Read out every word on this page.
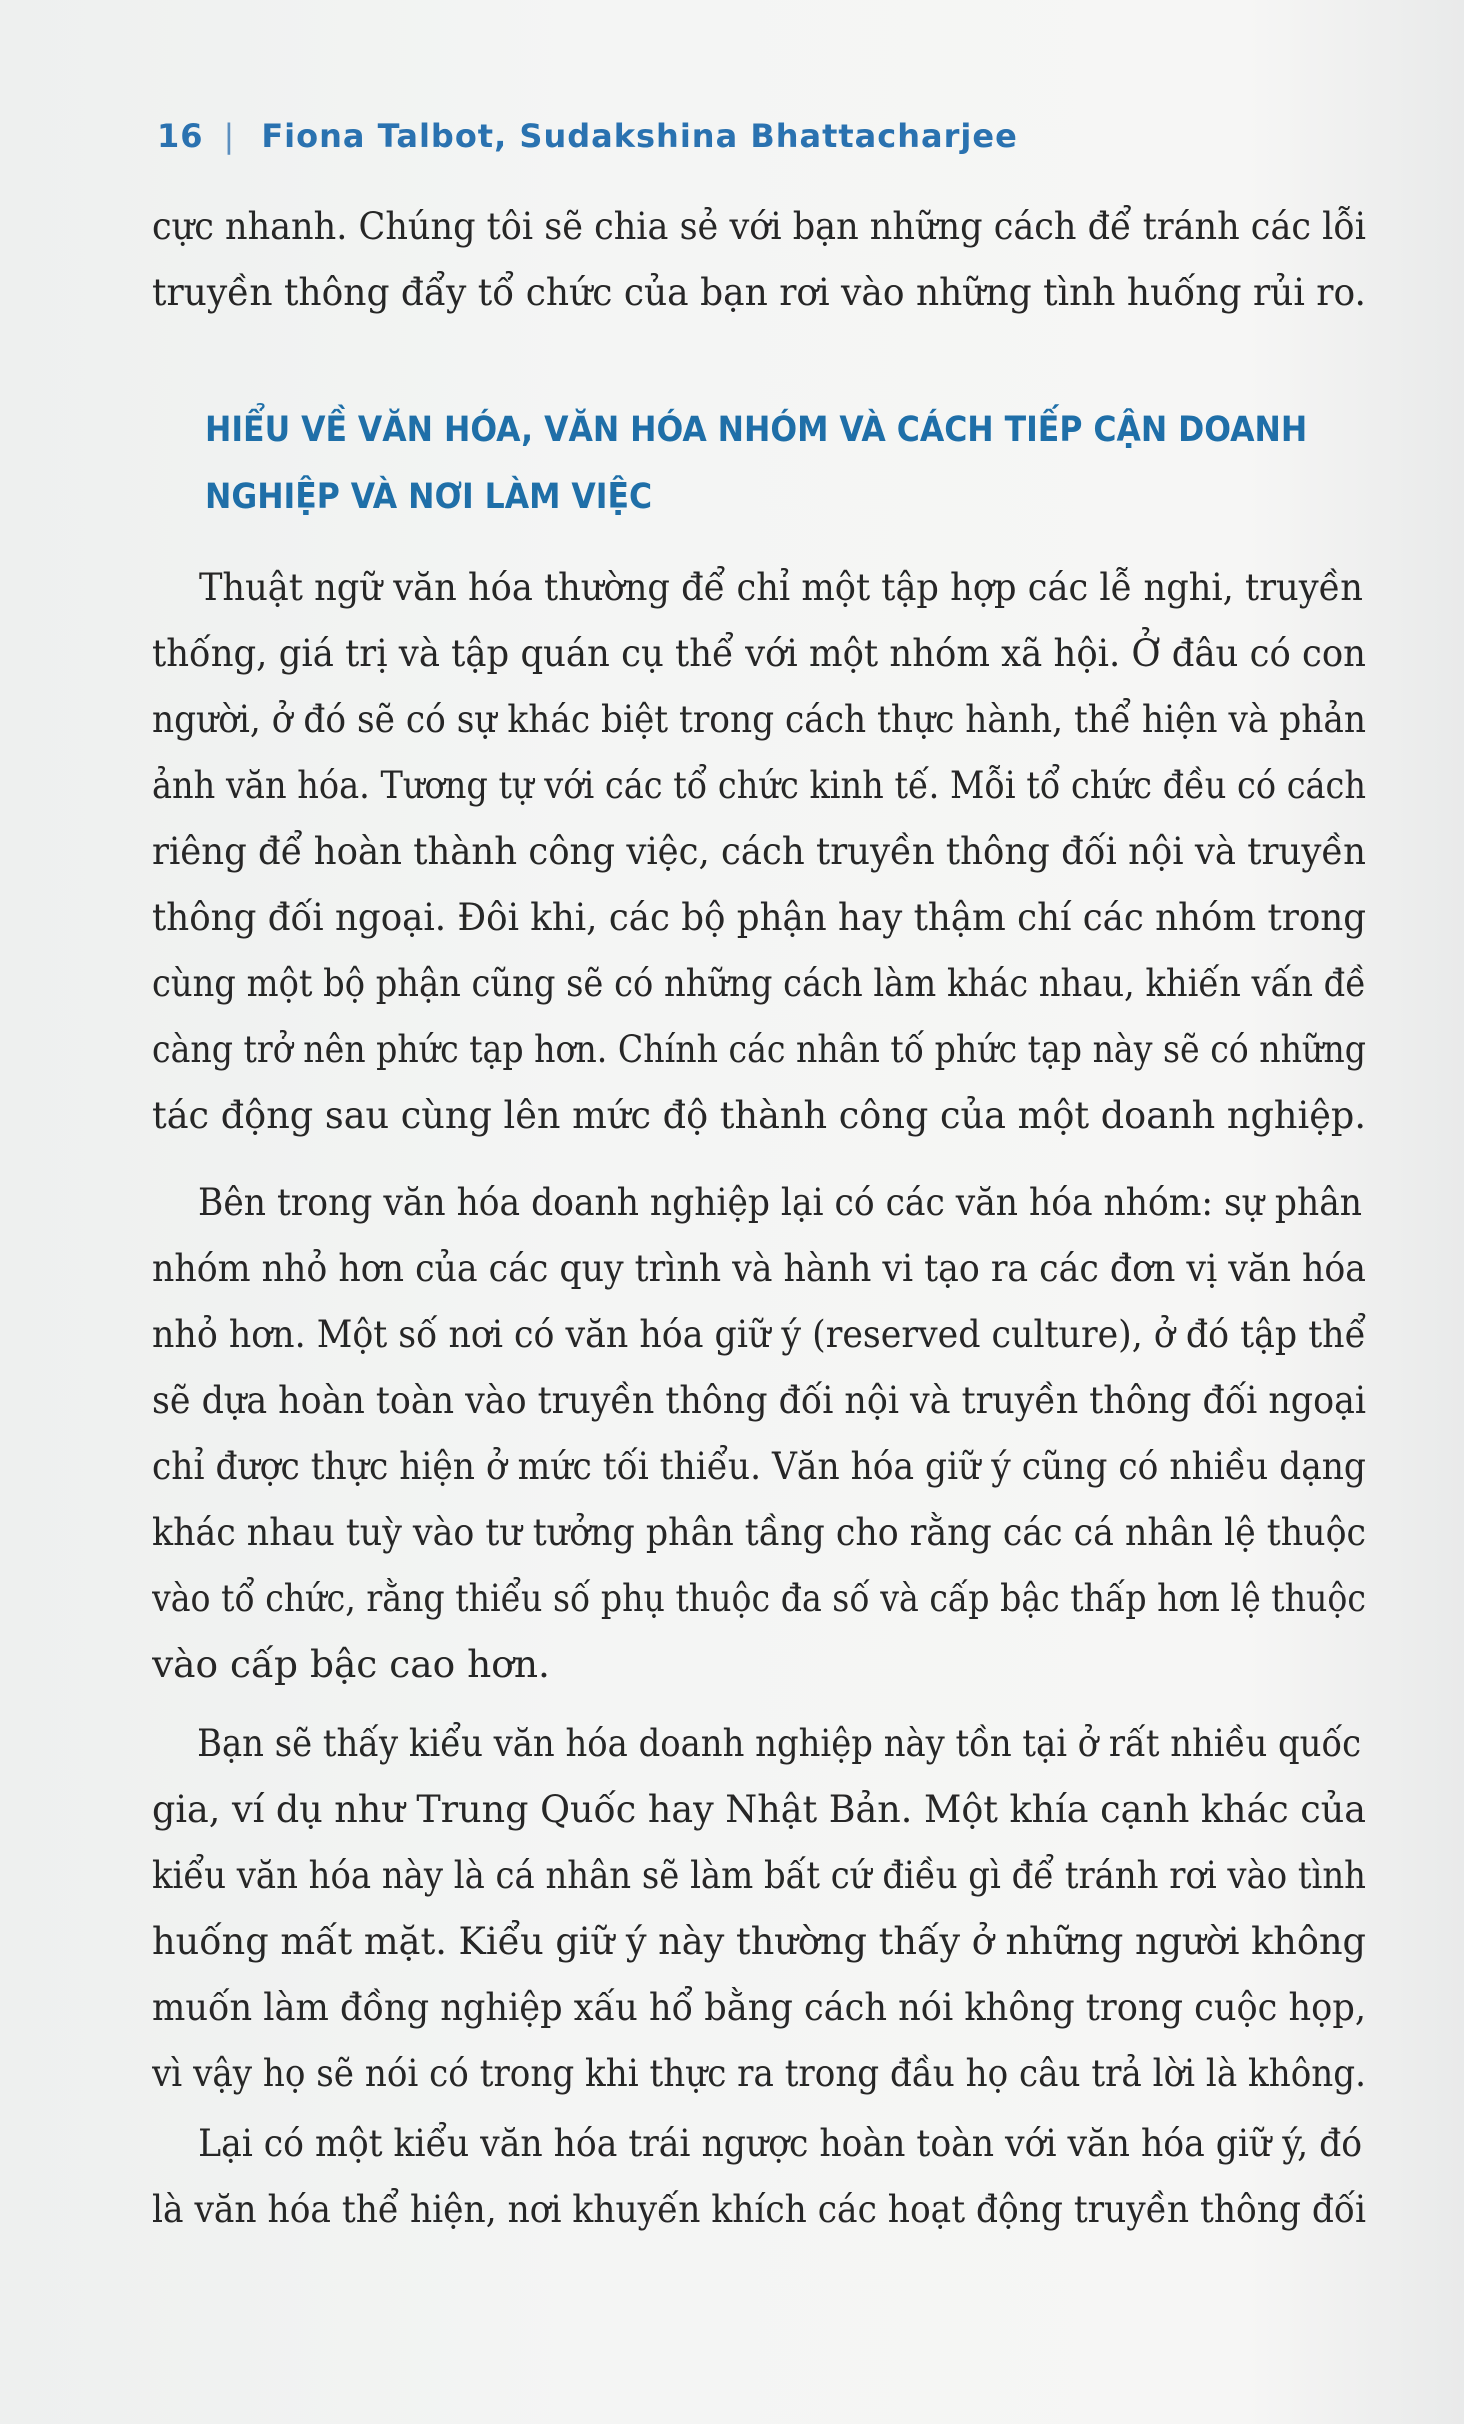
16 | Fiona Talbot, Sudakshina Bhattacharjee
cực nhanh. Chúng tôi sẽ chia sẻ với bạn những cách để tránh các lỗi
truyền thông đẩy tổ chức của bạn rơi vào những tình huống rủi ro.
HIỂU VỀ VĂN HÓA, VĂN HÓA NHÓM VÀ CÁCH TIẾP CẬN DOANH
NGHIỆP VÀ NƠI LÀM VIỆC
Thuật ngữ văn hóa thường để chỉ một tập hợp các lễ nghi, truyền
thống, giá trị và tập quán cụ thể với một nhóm xã hội. Ở đâu có con
người, ở đó sẽ có sự khác biệt trong cách thực hành, thể hiện và phản
ảnh văn hóa. Tương tự với các tổ chức kinh tế. Mỗi tổ chức đều có cách
riêng để hoàn thành công việc, cách truyền thông đối nội và truyền
thông đối ngoại. Đôi khi, các bộ phận hay thậm chí các nhóm trong
cùng một bộ phận cũng sẽ có những cách làm khác nhau, khiến vấn đề
càng trở nên phức tạp hơn. Chính các nhân tố phức tạp này sẽ có những
tác động sau cùng lên mức độ thành công của một doanh nghiệp.
Bên trong văn hóa doanh nghiệp lại có các văn hóa nhóm: sự phân
nhóm nhỏ hơn của các quy trình và hành vi tạo ra các đơn vị văn hóa
nhỏ hơn. Một số nơi có văn hóa giữ ý (reserved culture), ở đó tập thể
sẽ dựa hoàn toàn vào truyền thông đối nội và truyền thông đối ngoại
chỉ được thực hiện ở mức tối thiểu. Văn hóa giữ ý cũng có nhiều dạng
khác nhau tuỳ vào tư tưởng phân tầng cho rằng các cá nhân lệ thuộc
vào tổ chức, rằng thiểu số phụ thuộc đa số và cấp bậc thấp hơn lệ thuộc
vào cấp bậc cao hơn.
Bạn sẽ thấy kiểu văn hóa doanh nghiệp này tồn tại ở rất nhiều quốc
gia, ví dụ như Trung Quốc hay Nhật Bản. Một khía cạnh khác của
kiểu văn hóa này là cá nhân sẽ làm bất cứ điều gì để tránh rơi vào tình
huống mất mặt. Kiểu giữ ý này thường thấy ở những người không
muốn làm đồng nghiệp xấu hổ bằng cách nói không trong cuộc họp,
vì vậy họ sẽ nói có trong khi thực ra trong đầu họ câu trả lời là không.
Lại có một kiểu văn hóa trái ngược hoàn toàn với văn hóa giữ ý, đó
là văn hóa thể hiện, nơi khuyến khích các hoạt động truyền thông đối
